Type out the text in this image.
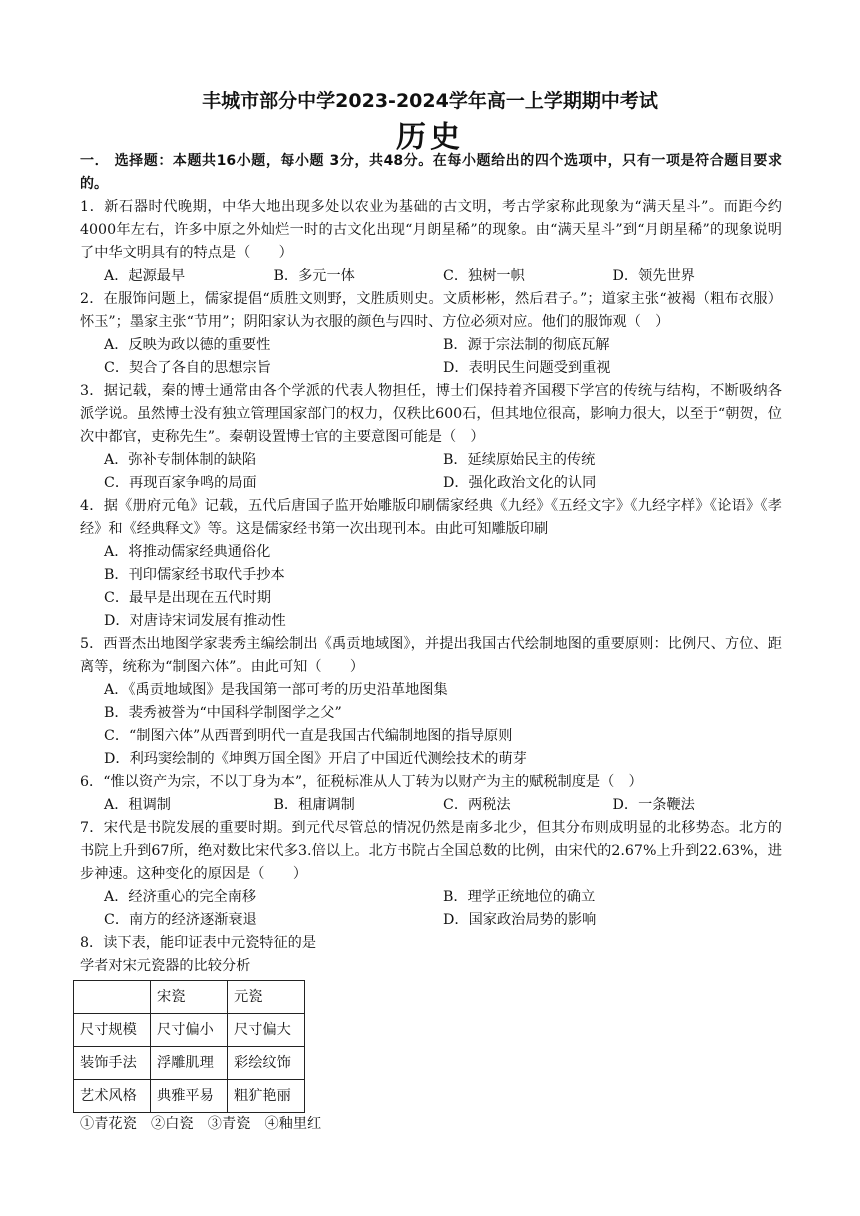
丰城市部分中学2023-2024学年高一上学期期中考试
历史

一． 选择题：本题共16小题，每小题 3分，共48分。在每小题给出的四个选项中，只有一项是符合题目要求的。

1．新石器时代晚期，中华大地出现多处以农业为基础的古文明，考古学家称此现象为“满天星斗”。而距今约4000年左右，许多中原之外灿烂一时的古文化出现“月朗星稀”的现象。由“满天星斗”到“月朗星稀”的现象说明了中华文明具有的特点是（　　）

A．起源最早	B．多元一体	C．独树一帜	D．领先世界

2．在服饰问题上，儒家提倡“质胜文则野，文胜质则史。文质彬彬，然后君子。”；道家主张“被褐（粗布衣服）怀玉”；墨家主张“节用”；阴阳家认为衣服的颜色与四时、方位必须对应。他们的服饰观（　）

A．反映为政以德的重要性	B．源于宗法制的彻底瓦解
C．契合了各自的思想宗旨	D．表明民生问题受到重视

3．据记载，秦的博士通常由各个学派的代表人物担任，博士们保持着齐国稷下学宫的传统与结构，不断吸纳各派学说。虽然博士没有独立管理国家部门的权力，仅秩比600石，但其地位很高，影响力很大，以至于“朝贺，位次中都官，吏称先生”。秦朝设置博士官的主要意图可能是（　）

A．弥补专制体制的缺陷	B．延续原始民主的传统
C．再现百家争鸣的局面	D．强化政治文化的认同

4．据《册府元龟》记载，五代后唐国子监开始雕版印刷儒家经典《九经》《五经文字》《九经字样》《论语》《孝经》和《经典释文》等。这是儒家经书第一次出现刊本。由此可知雕版印刷

A．将推动儒家经典通俗化
B．刊印儒家经书取代手抄本
C．最早是出现在五代时期
D．对唐诗宋词发展有推动性

5．西晋杰出地图学家裴秀主编绘制出《禹贡地域图》，并提出我国古代绘制地图的重要原则：比例尺、方位、距离等，统称为“制图六体”。由此可知（　　）

A．《禹贡地域图》是我国第一部可考的历史沿革地图集
B．裴秀被誉为“中国科学制图学之父”
C．“制图六体”从西晋到明代一直是我国古代编制地图的指导原则
D．利玛窦绘制的《坤舆万国全图》开启了中国近代测绘技术的萌芽

6．“惟以资产为宗，不以丁身为本”，征税标准从人丁转为以财产为主的赋税制度是（　）

A．租调制	B．租庸调制	C．两税法	D．一条鞭法

7．宋代是书院发展的重要时期。到元代尽管总的情况仍然是南多北少，但其分布则成明显的北移势态。北方的书院上升到67所，绝对数比宋代多3.倍以上。北方书院占全国总数的比例，由宋代的2.67%上升到22.63%，进步神速。这种变化的原因是（　　）

A．经济重心的完全南移	B．理学正统地位的确立
C．南方的经济逐渐衰退	D．国家政治局势的影响

8．读下表，能印证表中元瓷特征的是

学者对宋元瓷器的比较分析

	宋瓷	元瓷
尺寸规模	尺寸偏小	尺寸偏大
装饰手法	浮雕肌理	彩绘纹饰
艺术风格	典雅平易	粗犷艳丽

①青花瓷　②白瓷　③青瓷　④釉里红
